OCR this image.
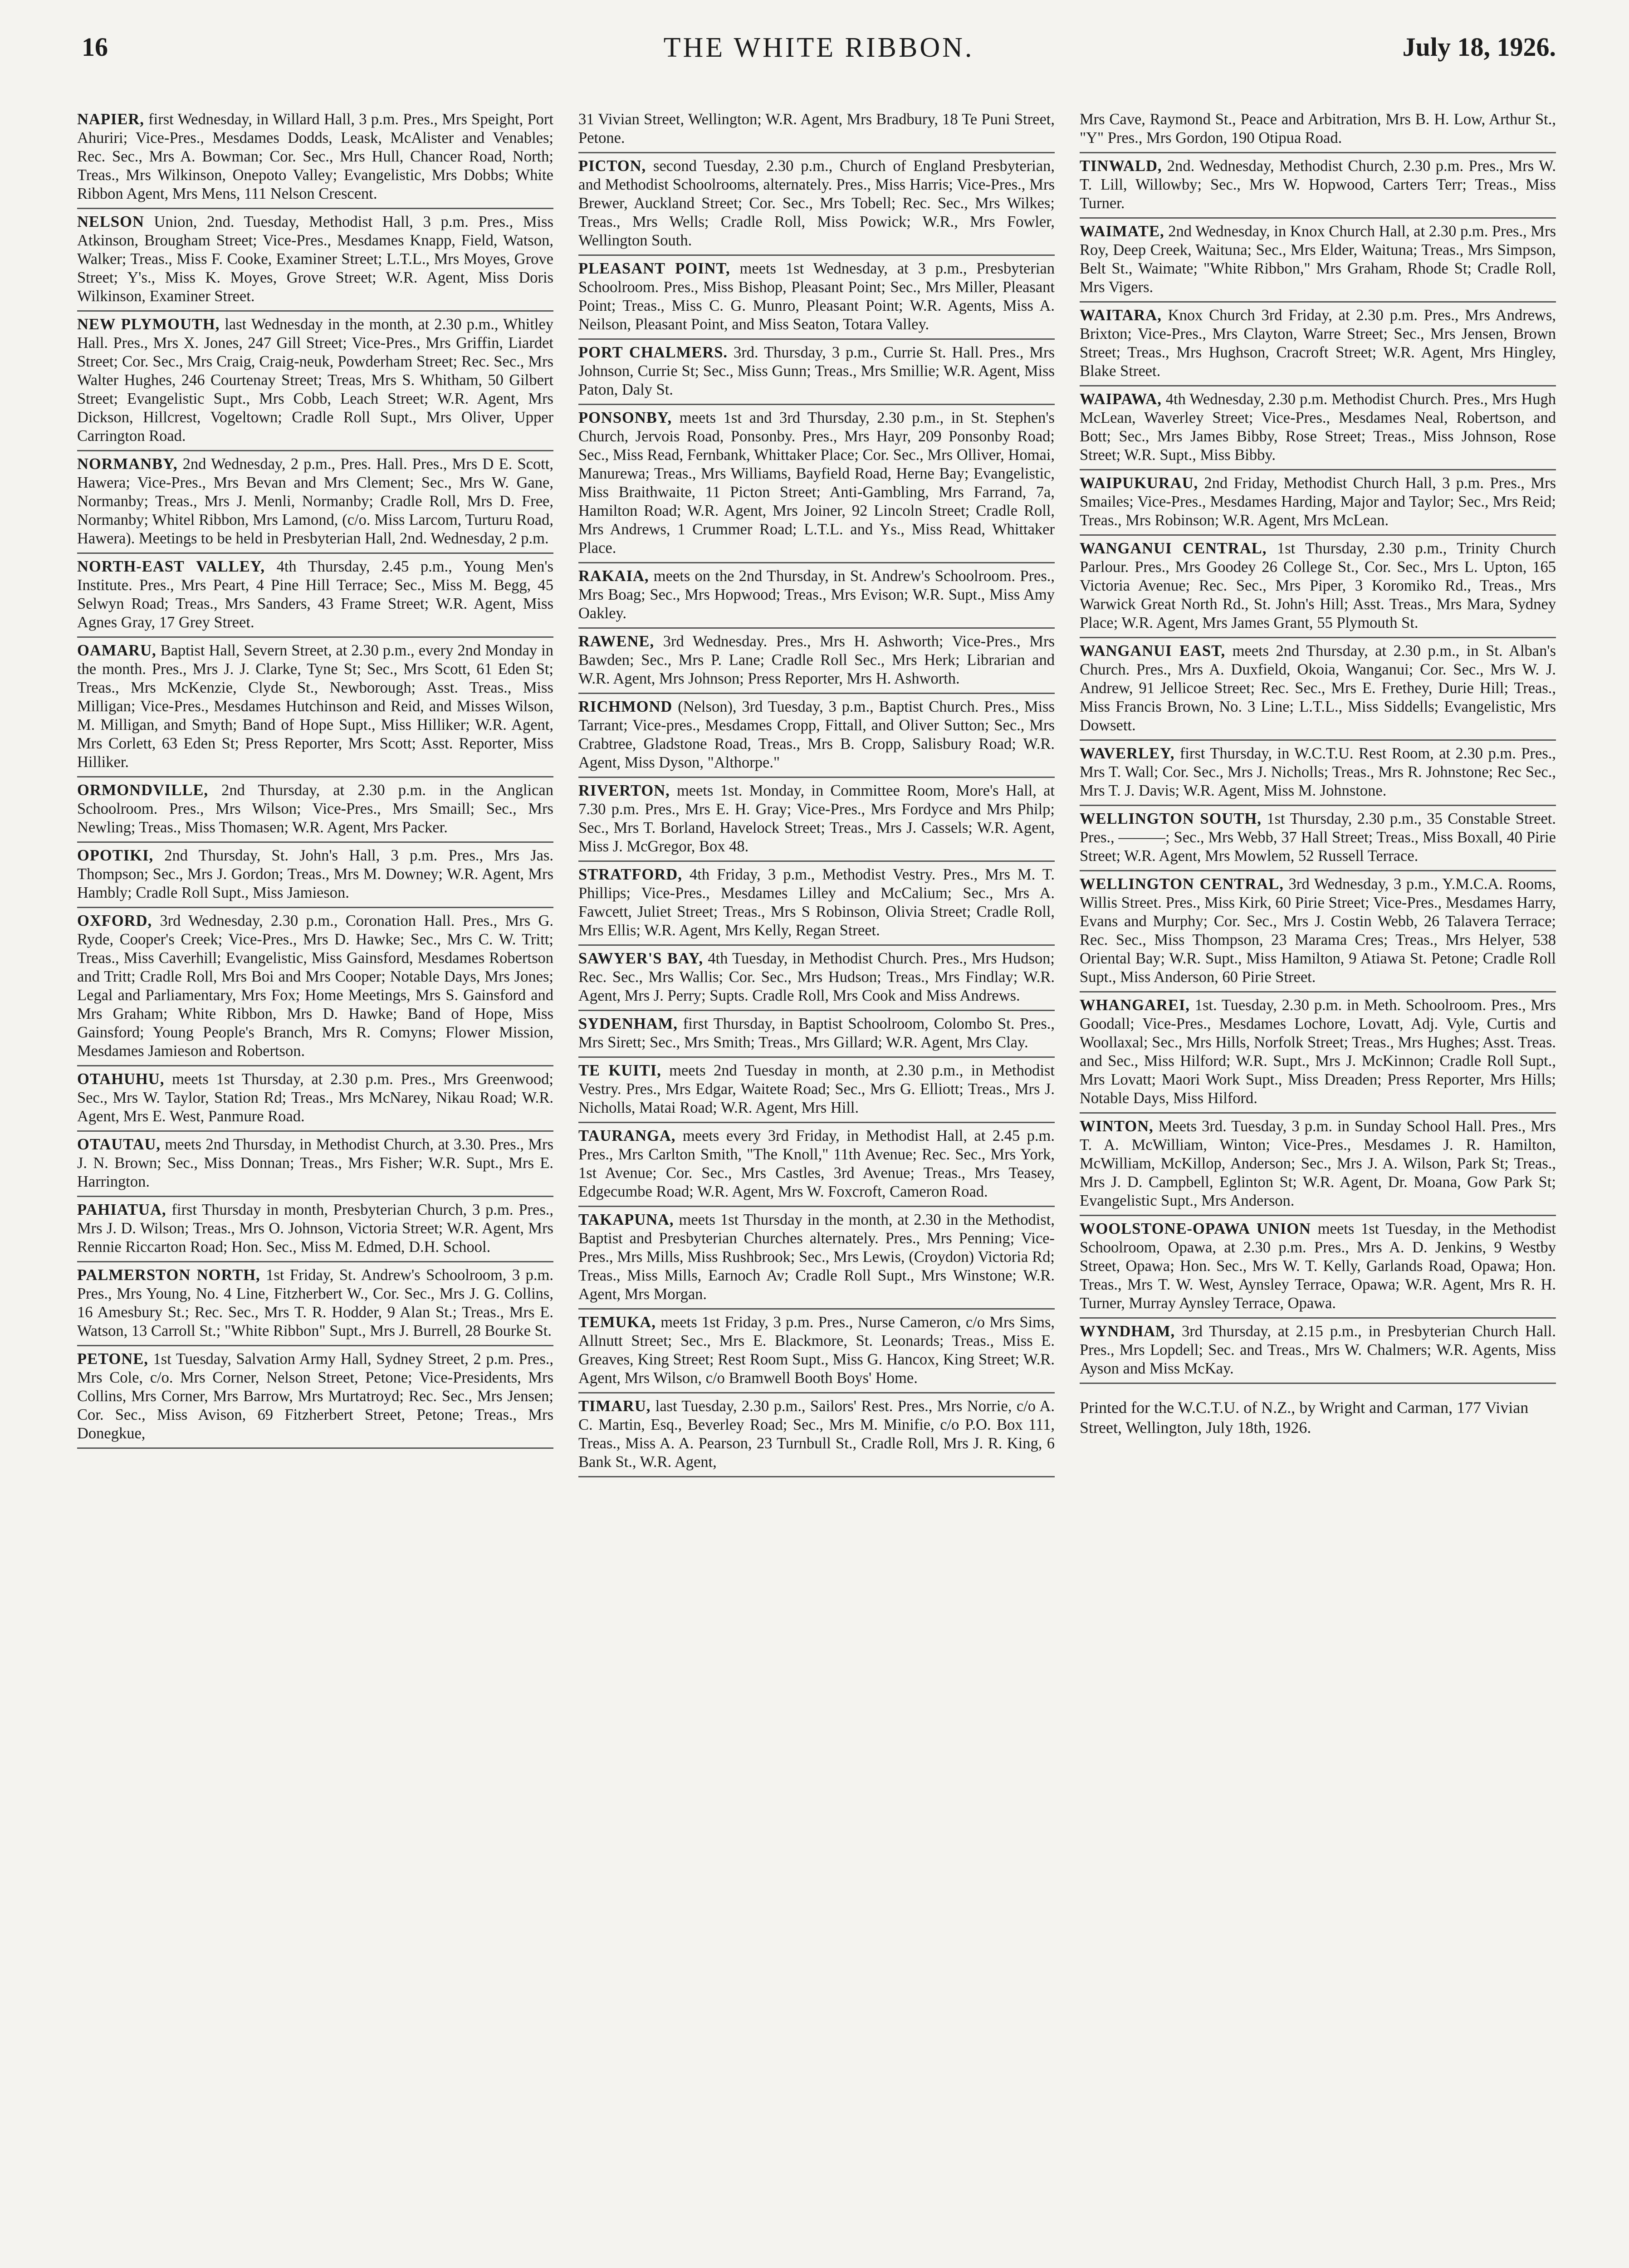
16	THE WHITE RIBBON.	July 18, 1926.
NAPIER, first Wednesday, in Willard Hall, 3 p.m. Pres., Mrs Speight, Port Ahuriri; Vice-Pres., Mesdames Dodds, Leask, McAlister and Venables; Rec. Sec., Mrs A. Bowman; Cor. Sec., Mrs Hull, Chancer Road, North; Treas., Mrs Wilkinson, Onepoto Valley; Evangelistic, Mrs Dobbs; White Ribbon Agent, Mrs Mens, 111 Nelson Crescent.
NELSON Union, 2nd. Tuesday, Methodist Hall, 3 p.m. Pres., Miss Atkinson, Brougham Street; Vice-Pres., Mesdames Knapp, Field, Watson, Walker; Treas., Miss F. Cooke, Examiner Street; L.T.L., Mrs Moyes, Grove Street; Y's., Miss K. Moyes, Grove Street; W.R. Agent, Miss Doris Wilkinson, Examiner Street.
NEW PLYMOUTH, last Wednesday in the month, at 2.30 p.m., Whitley Hall. Pres., Mrs X. Jones, 247 Gill Street; Vice-Pres., Mrs Griffin, Liardet Street; Cor. Sec., Mrs Craig, Craig-neuk, Powderham Street; Rec. Sec., Mrs Walter Hughes, 246 Courtenay Street; Treas, Mrs S. Whitham, 50 Gilbert Street; Evangelistic Supt., Mrs Cobb, Leach Street; W.R. Agent, Mrs Dickson, Hillcrest, Vogeltown; Cradle Roll Supt., Mrs Oliver, Upper Carrington Road.
NORMANBY, 2nd Wednesday, 2 p.m., Pres. Hall. Pres., Mrs D E. Scott, Hawera; Vice-Pres., Mrs Bevan and Mrs Clement; Sec., Mrs W. Gane, Normanby; Treas., Mrs J. Menli, Normanby; Cradle Roll, Mrs D. Free, Normanby; Whitel Ribbon, Mrs Lamond, (c/o. Miss Larcom, Turturu Road, Hawera). Meetings to be held in Presbyterian Hall, 2nd. Wednesday, 2 p.m.
NORTH-EAST VALLEY, 4th Thursday, 2.45 p.m., Young Men's Institute. Pres., Mrs Peart, 4 Pine Hill Terrace; Sec., Miss M. Begg, 45 Selwyn Road; Treas., Mrs Sanders, 43 Frame Street; W.R. Agent, Miss Agnes Gray, 17 Grey Street.
OAMARU, Baptist Hall, Severn Street, at 2.30 p.m., every 2nd Monday in the month. Pres., Mrs J. J. Clarke, Tyne St; Sec., Mrs Scott, 61 Eden St; Treas., Mrs McKenzie, Clyde St., Newborough; Asst. Treas., Miss Milligan; Vice-Pres., Mesdames Hutchinson and Reid, and Misses Wilson, M. Milligan, and Smyth; Band of Hope Supt., Miss Hilliker; W.R. Agent, Mrs Corlett, 63 Eden St; Press Reporter, Mrs Scott; Asst. Reporter, Miss Hilliker.
ORMONDVILLE, 2nd Thursday, at 2.30 p.m. in the Anglican Schoolroom. Pres., Mrs Wilson; Vice-Pres., Mrs Smaill; Sec., Mrs Newling; Treas., Miss Thomasen; W.R. Agent, Mrs Packer.
OPOTIKI, 2nd Thursday, St. John's Hall, 3 p.m. Pres., Mrs Jas. Thompson; Sec., Mrs J. Gordon; Treas., Mrs M. Downey; W.R. Agent, Mrs Hambly; Cradle Roll Supt., Miss Jamieson.
OXFORD, 3rd Wednesday, 2.30 p.m., Coronation Hall. Pres., Mrs G. Ryde, Cooper's Creek; Vice-Pres., Mrs D. Hawke; Sec., Mrs C. W. Tritt; Treas., Miss Caverhill; Evangelistic, Miss Gainsford, Mesdames Robertson and Tritt; Cradle Roll, Mrs Boi and Mrs Cooper; Notable Days, Mrs Jones; Legal and Parliamentary, Mrs Fox; Home Meetings, Mrs S. Gainsford and Mrs Graham; White Ribbon, Mrs D. Hawke; Band of Hope, Miss Gainsford; Young People's Branch, Mrs R. Comyns; Flower Mission, Mesdames Jamieson and Robertson.
OTAHUHU, meets 1st Thursday, at 2.30 p.m. Pres., Mrs Greenwood; Sec., Mrs W. Taylor, Station Rd; Treas., Mrs McNarey, Nikau Road; W.R. Agent, Mrs E. West, Panmure Road.
OTAUTAU, meets 2nd Thursday, in Methodist Church, at 3.30. Pres., Mrs J. N. Brown; Sec., Miss Donnan; Treas., Mrs Fisher; W.R. Supt., Mrs E. Harrington.
PAHIATUA, first Thursday in month, Presbyterian Church, 3 p.m. Pres., Mrs J. D. Wilson; Treas., Mrs O. Johnson, Victoria Street; W.R. Agent, Mrs Rennie Riccarton Road; Hon. Sec., Miss M. Edmed, D.H. School.
PALMERSTON NORTH, 1st Friday, St. Andrew's Schoolroom, 3 p.m. Pres., Mrs Young, No. 4 Line, Fitzherbert W., Cor. Sec., Mrs J. G. Collins, 16 Amesbury St.; Rec. Sec., Mrs T. R. Hodder, 9 Alan St.; Treas., Mrs E. Watson, 13 Carroll St.; "White Ribbon" Supt., Mrs J. Burrell, 28 Bourke St.
PETONE, 1st Tuesday, Salvation Army Hall, Sydney Street, 2 p.m. Pres., Mrs Cole, c/o. Mrs Corner, Nelson Street, Petone; Vice-Presidents, Mrs Collins, Mrs Corner, Mrs Barrow, Mrs Murtatroyd; Rec. Sec., Mrs Jensen; Cor. Sec., Miss Avison, 69 Fitzherbert Street, Petone; Treas., Mrs Donegkue,
31 Vivian Street, Wellington; W.R. Agent, Mrs Bradbury, 18 Te Puni Street, Petone.
PICTON, second Tuesday, 2.30 p.m., Church of England Presbyterian, and Methodist Schoolrooms, alternately. Pres., Miss Harris; Vice-Pres., Mrs Brewer, Auckland Street; Cor. Sec., Mrs Tobell; Rec. Sec., Mrs Wilkes; Treas., Mrs Wells; Cradle Roll, Miss Powick; W.R., Mrs Fowler, Wellington South.
PLEASANT POINT, meets 1st Wednesday, at 3 p.m., Presbyterian Schoolroom. Pres., Miss Bishop, Pleasant Point; Sec., Mrs Miller, Pleasant Point; Treas., Miss C. G. Munro, Pleasant Point; W.R. Agents, Miss A. Neilson, Pleasant Point, and Miss Seaton, Totara Valley.
PORT CHALMERS. 3rd. Thursday, 3 p.m., Currie St. Hall. Pres., Mrs Johnson, Currie St; Sec., Miss Gunn; Treas., Mrs Smillie; W.R. Agent, Miss Paton, Daly St.
PONSONBY, meets 1st and 3rd Thursday, 2.30 p.m., in St. Stephen's Church, Jervois Road, Ponsonby. Pres., Mrs Hayr, 209 Ponsonby Road; Sec., Miss Read, Fernbank, Whittaker Place; Cor. Sec., Mrs Olliver, Homai, Manurewa; Treas., Mrs Williams, Bayfield Road, Herne Bay; Evangelistic, Miss Braithwaite, 11 Picton Street; Anti-Gambling, Mrs Farrand, 7a, Hamilton Road; W.R. Agent, Mrs Joiner, 92 Lincoln Street; Cradle Roll, Mrs Andrews, 1 Crummer Road; L.T.L. and Ys., Miss Read, Whittaker Place.
RAKAIA, meets on the 2nd Thursday, in St. Andrew's Schoolroom. Pres., Mrs Boag; Sec., Mrs Hopwood; Treas., Mrs Evison; W.R. Supt., Miss Amy Oakley.
RAWENE, 3rd Wednesday. Pres., Mrs H. Ashworth; Vice-Pres., Mrs Bawden; Sec., Mrs P. Lane; Cradle Roll Sec., Mrs Herk; Librarian and W.R. Agent, Mrs Johnson; Press Reporter, Mrs H. Ashworth.
RICHMOND (Nelson), 3rd Tuesday, 3 p.m., Baptist Church. Pres., Miss Tarrant; Vice-pres., Mesdames Cropp, Fittall, and Oliver Sutton; Sec., Mrs Crabtree, Gladstone Road, Treas., Mrs B. Cropp, Salisbury Road; W.R. Agent, Miss Dyson, "Althorpe."
RIVERTON, meets 1st. Monday, in Committee Room, More's Hall, at 7.30 p.m. Pres., Mrs E. H. Gray; Vice-Pres., Mrs Fordyce and Mrs Philp; Sec., Mrs T. Borland, Havelock Street; Treas., Mrs J. Cassels; W.R. Agent, Miss J. McGregor, Box 48.
STRATFORD, 4th Friday, 3 p.m., Methodist Vestry. Pres., Mrs M. T. Phillips; Vice-Pres., Mesdames Lilley and McCalium; Sec., Mrs A. Fawcett, Juliet Street; Treas., Mrs S Robinson, Olivia Street; Cradle Roll, Mrs Ellis; W.R. Agent, Mrs Kelly, Regan Street.
SAWYER'S BAY, 4th Tuesday, in Methodist Church. Pres., Mrs Hudson; Rec. Sec., Mrs Wallis; Cor. Sec., Mrs Hudson; Treas., Mrs Findlay; W.R. Agent, Mrs J. Perry; Supts. Cradle Roll, Mrs Cook and Miss Andrews.
SYDENHAM, first Thursday, in Baptist Schoolroom, Colombo St. Pres., Mrs Sirett; Sec., Mrs Smith; Treas., Mrs Gillard; W.R. Agent, Mrs Clay.
TE KUITI, meets 2nd Tuesday in month, at 2.30 p.m., in Methodist Vestry. Pres., Mrs Edgar, Waitete Road; Sec., Mrs G. Elliott; Treas., Mrs J. Nicholls, Matai Road; W.R. Agent, Mrs Hill.
TAURANGA, meets every 3rd Friday, in Methodist Hall, at 2.45 p.m. Pres., Mrs Carlton Smith, "The Knoll," 11th Avenue; Rec. Sec., Mrs York, 1st Avenue; Cor. Sec., Mrs Castles, 3rd Avenue; Treas., Mrs Teasey, Edgecumbe Road; W.R. Agent, Mrs W. Foxcroft, Cameron Road.
TAKAPUNA, meets 1st Thursday in the month, at 2.30 in the Methodist, Baptist and Presbyterian Churches alternately. Pres., Mrs Penning; Vice-Pres., Mrs Mills, Miss Rushbrook; Sec., Mrs Lewis, (Croydon) Victoria Rd; Treas., Miss Mills, Earnoch Av; Cradle Roll Supt., Mrs Winstone; W.R. Agent, Mrs Morgan.
TEMUKA, meets 1st Friday, 3 p.m. Pres., Nurse Cameron, c/o Mrs Sims, Allnutt Street; Sec., Mrs E. Blackmore, St. Leonards; Treas., Miss E. Greaves, King Street; Rest Room Supt., Miss G. Hancox, King Street; W.R. Agent, Mrs Wilson, c/o Bramwell Booth Boys' Home.
TIMARU, last Tuesday, 2.30 p.m., Sailors' Rest. Pres., Mrs Norrie, c/o A. C. Martin, Esq., Beverley Road; Sec., Mrs M. Minifie, c/o P.O. Box 111, Treas., Miss A. A. Pearson, 23 Turnbull St., Cradle Roll, Mrs J. R. King, 6 Bank St., W.R. Agent,
Mrs Cave, Raymond St., Peace and Arbitration, Mrs B. H. Low, Arthur St., "Y" Pres., Mrs Gordon, 190 Otipua Road.
TINWALD, 2nd. Wednesday, Methodist Church, 2.30 p.m. Pres., Mrs W. T. Lill, Willowby; Sec., Mrs W. Hopwood, Carters Terr; Treas., Miss Turner.
WAIMATE, 2nd Wednesday, in Knox Church Hall, at 2.30 p.m. Pres., Mrs Roy, Deep Creek, Waituna; Sec., Mrs Elder, Waituna; Treas., Mrs Simpson, Belt St., Waimate; "White Ribbon," Mrs Graham, Rhode St; Cradle Roll, Mrs Vigers.
WAITARA, Knox Church 3rd Friday, at 2.30 p.m. Pres., Mrs Andrews, Brixton; Vice-Pres., Mrs Clayton, Warre Street; Sec., Mrs Jensen, Brown Street; Treas., Mrs Hughson, Cracroft Street; W.R. Agent, Mrs Hingley, Blake Street.
WAIPAWA, 4th Wednesday, 2.30 p.m. Methodist Church. Pres., Mrs Hugh McLean, Waverley Street; Vice-Pres., Mesdames Neal, Robertson, and Bott; Sec., Mrs James Bibby, Rose Street; Treas., Miss Johnson, Rose Street; W.R. Supt., Miss Bibby.
WAIPUKURAU, 2nd Friday, Methodist Church Hall, 3 p.m. Pres., Mrs Smailes; Vice-Pres., Mesdames Harding, Major and Taylor; Sec., Mrs Reid; Treas., Mrs Robinson; W.R. Agent, Mrs McLean.
WANGANUI CENTRAL, 1st Thursday, 2.30 p.m., Trinity Church Parlour. Pres., Mrs Goodey 26 College St., Cor. Sec., Mrs L. Upton, 165 Victoria Avenue; Rec. Sec., Mrs Piper, 3 Koromiko Rd., Treas., Mrs Warwick Great North Rd., St. John's Hill; Asst. Treas., Mrs Mara, Sydney Place; W.R. Agent, Mrs James Grant, 55 Plymouth St.
WANGANUI EAST, meets 2nd Thursday, at 2.30 p.m., in St. Alban's Church. Pres., Mrs A. Duxfield, Okoia, Wanganui; Cor. Sec., Mrs W. J. Andrew, 91 Jellicoe Street; Rec. Sec., Mrs E. Frethey, Durie Hill; Treas., Miss Francis Brown, No. 3 Line; L.T.L., Miss Siddells; Evangelistic, Mrs Dowsett.
WAVERLEY, first Thursday, in W.C.T.U. Rest Room, at 2.30 p.m. Pres., Mrs T. Wall; Cor. Sec., Mrs J. Nicholls; Treas., Mrs R. Johnstone; Rec Sec., Mrs T. J. Davis; W.R. Agent, Miss M. Johnstone.
WELLINGTON SOUTH, 1st Thursday, 2.30 p.m., 35 Constable Street. Pres., ———; Sec., Mrs Webb, 37 Hall Street; Treas., Miss Boxall, 40 Pirie Street; W.R. Agent, Mrs Mowlem, 52 Russell Terrace.
WELLINGTON CENTRAL, 3rd Wednesday, 3 p.m., Y.M.C.A. Rooms, Willis Street. Pres., Miss Kirk, 60 Pirie Street; Vice-Pres., Mesdames Harry, Evans and Murphy; Cor. Sec., Mrs J. Costin Webb, 26 Talavera Terrace; Rec. Sec., Miss Thompson, 23 Marama Cres; Treas., Mrs Helyer, 538 Oriental Bay; W.R. Supt., Miss Hamilton, 9 Atiawa St. Petone; Cradle Roll Supt., Miss Anderson, 60 Pirie Street.
WHANGAREI, 1st. Tuesday, 2.30 p.m. in Meth. Schoolroom. Pres., Mrs Goodall; Vice-Pres., Mesdames Lochore, Lovatt, Adj. Vyle, Curtis and Woollaxal; Sec., Mrs Hills, Norfolk Street; Treas., Mrs Hughes; Asst. Treas. and Sec., Miss Hilford; W.R. Supt., Mrs J. McKinnon; Cradle Roll Supt., Mrs Lovatt; Maori Work Supt., Miss Dreaden; Press Reporter, Mrs Hills; Notable Days, Miss Hilford.
WINTON, Meets 3rd. Tuesday, 3 p.m. in Sunday School Hall. Pres., Mrs T. A. McWilliam, Winton; Vice-Pres., Mesdames J. R. Hamilton, McWilliam, McKillop, Anderson; Sec., Mrs J. A. Wilson, Park St; Treas., Mrs J. D. Campbell, Eglinton St; W.R. Agent, Dr. Moana, Gow Park St; Evangelistic Supt., Mrs Anderson.
WOOLSTONE-OPAWA UNION meets 1st Tuesday, in the Methodist Schoolroom, Opawa, at 2.30 p.m. Pres., Mrs A. D. Jenkins, 9 Westby Street, Opawa; Hon. Sec., Mrs W. T. Kelly, Garlands Road, Opawa; Hon. Treas., Mrs T. W. West, Aynsley Terrace, Opawa; W.R. Agent, Mrs R. H. Turner, Murray Aynsley Terrace, Opawa.
WYNDHAM, 3rd Thursday, at 2.15 p.m., in Presbyterian Church Hall. Pres., Mrs Lopdell; Sec. and Treas., Mrs W. Chalmers; W.R. Agents, Miss Ayson and Miss McKay.
Printed for the W.C.T.U. of N.Z., by Wright and Carman, 177 Vivian Street, Wellington, July 18th, 1926.
